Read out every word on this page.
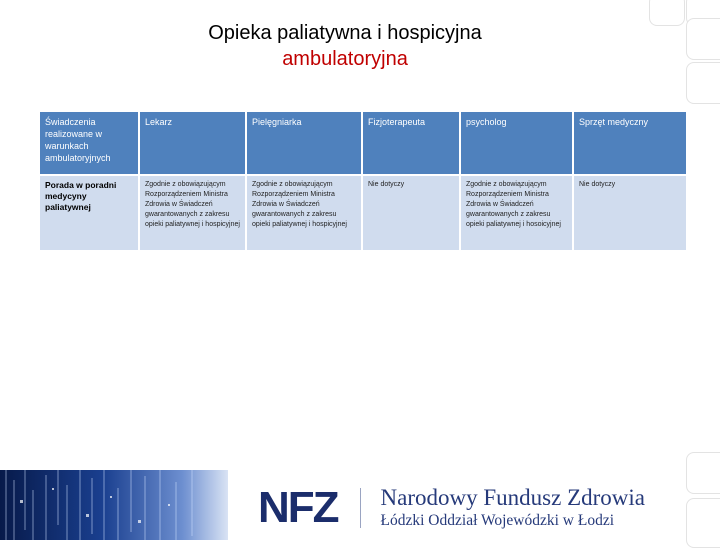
Opieka paliatywna i hospicyjna
ambulatoryjna
Świadczenia realizowane w warunkach ambulatoryjnych	Lekarz	Pielęgniarka	Fizjoterapeuta	psycholog	Sprzęt medyczny
Porada w poradni medycyny paliatywnej	Zgodnie z obowiązującym Rozporządzeniem Ministra Zdrowia w Świadczeń gwarantowanych z zakresu opieki paliatywnej i hospicyjnej	Zgodnie z obowiązującym Rozporządzeniem Ministra Zdrowia w Świadczeń gwarantowanych z zakresu opieki paliatywnej i hospicyjnej	Nie dotyczy	Zgodnie z obowiązującym Rozporządzeniem Ministra Zdrowia w Świadczeń gwarantowanych z zakresu opieki paliatywnej i hosoicyjnej	Nie dotyczy
NFZ Narodowy Fundusz Zdrowia
Łódzki Oddział Wojewódzki w Łodzi
